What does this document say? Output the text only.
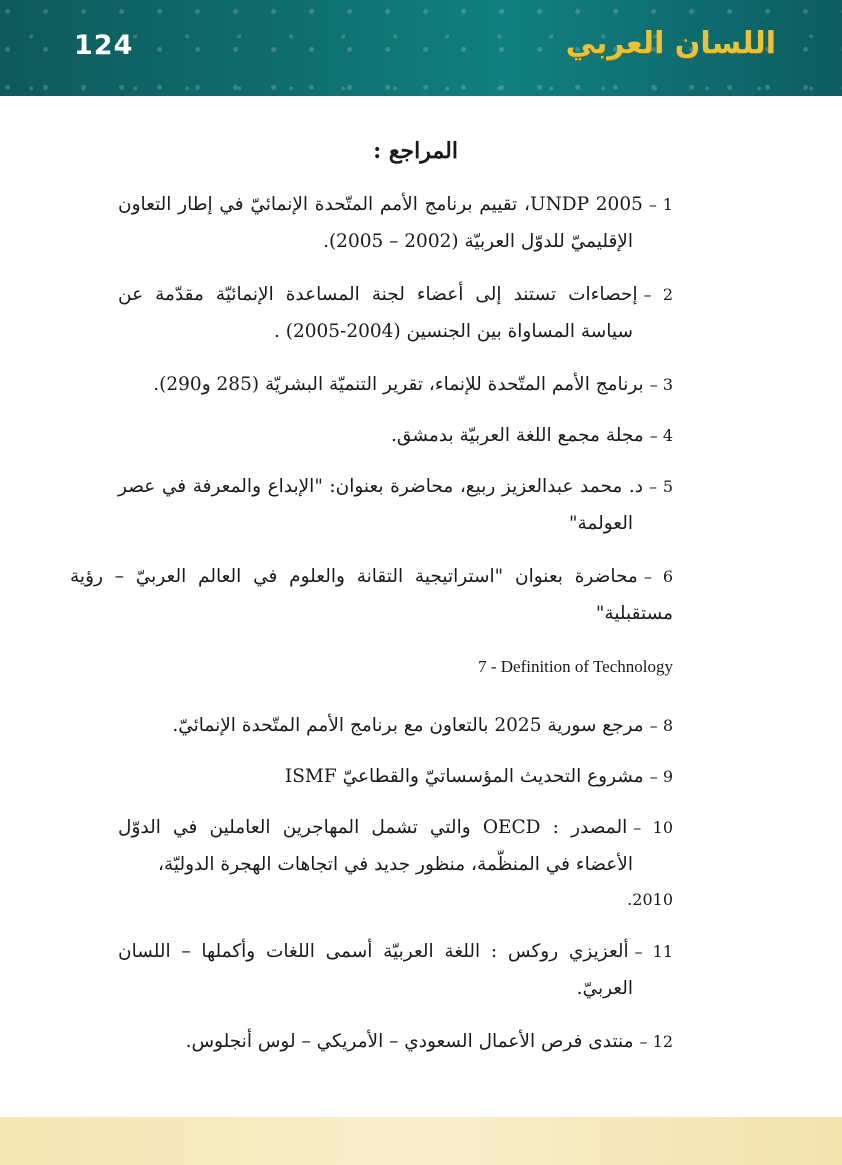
124	اللسان العربي
المراجع :

1 –UNDP 2005، تقييم برنامج الأمم المتّحدة الإنمائيّ في إطار التعاون الإقليميّ للدوّل العربيّة (2002 – 2005).

2 –إحصاءات تستند إلى أعضاء لجنة المساعدة الإنمائيّة مقدّمة عن سياسة المساواة بين الجنسين (2004-2005) .

3 –برنامج الأمم المتّحدة للإنماء، تقرير التنميّة البشريّة (285 و290).

4 –مجلة مجمع اللغة العربيّة بدمشق.

5 –د. محمد عبدالعزيز ربيع، محاضرة بعنوان: "الإبداع والمعرفة في عصر العولمة"

6 –محاضرة بعنوان "استراتيجية التقانة والعلوم في العالم العربيّ – رؤية مستقبلية"

7 - Definition of Technology

8 –مرجع سورية 2025 بالتعاون مع برنامج الأمم المتّحدة الإنمائيّ.

9 –مشروع التحديث المؤسساتيّ والقطاعيّ ISMF

10 –المصدر : OECD والتي تشمل المهاجرين العاملين في الدوّل الأعضاء في المنظّمة، منظور جديد في اتجاهات الهجرة الدوليّة،
2010.

11 –ألعزيزي روكس : اللغة العربيّة أسمى اللغات وأكملها – اللسان العربيّ.

12 –منتدى فرص الأعمال السعودي – الأمريكي – لوس أنجلوس.
